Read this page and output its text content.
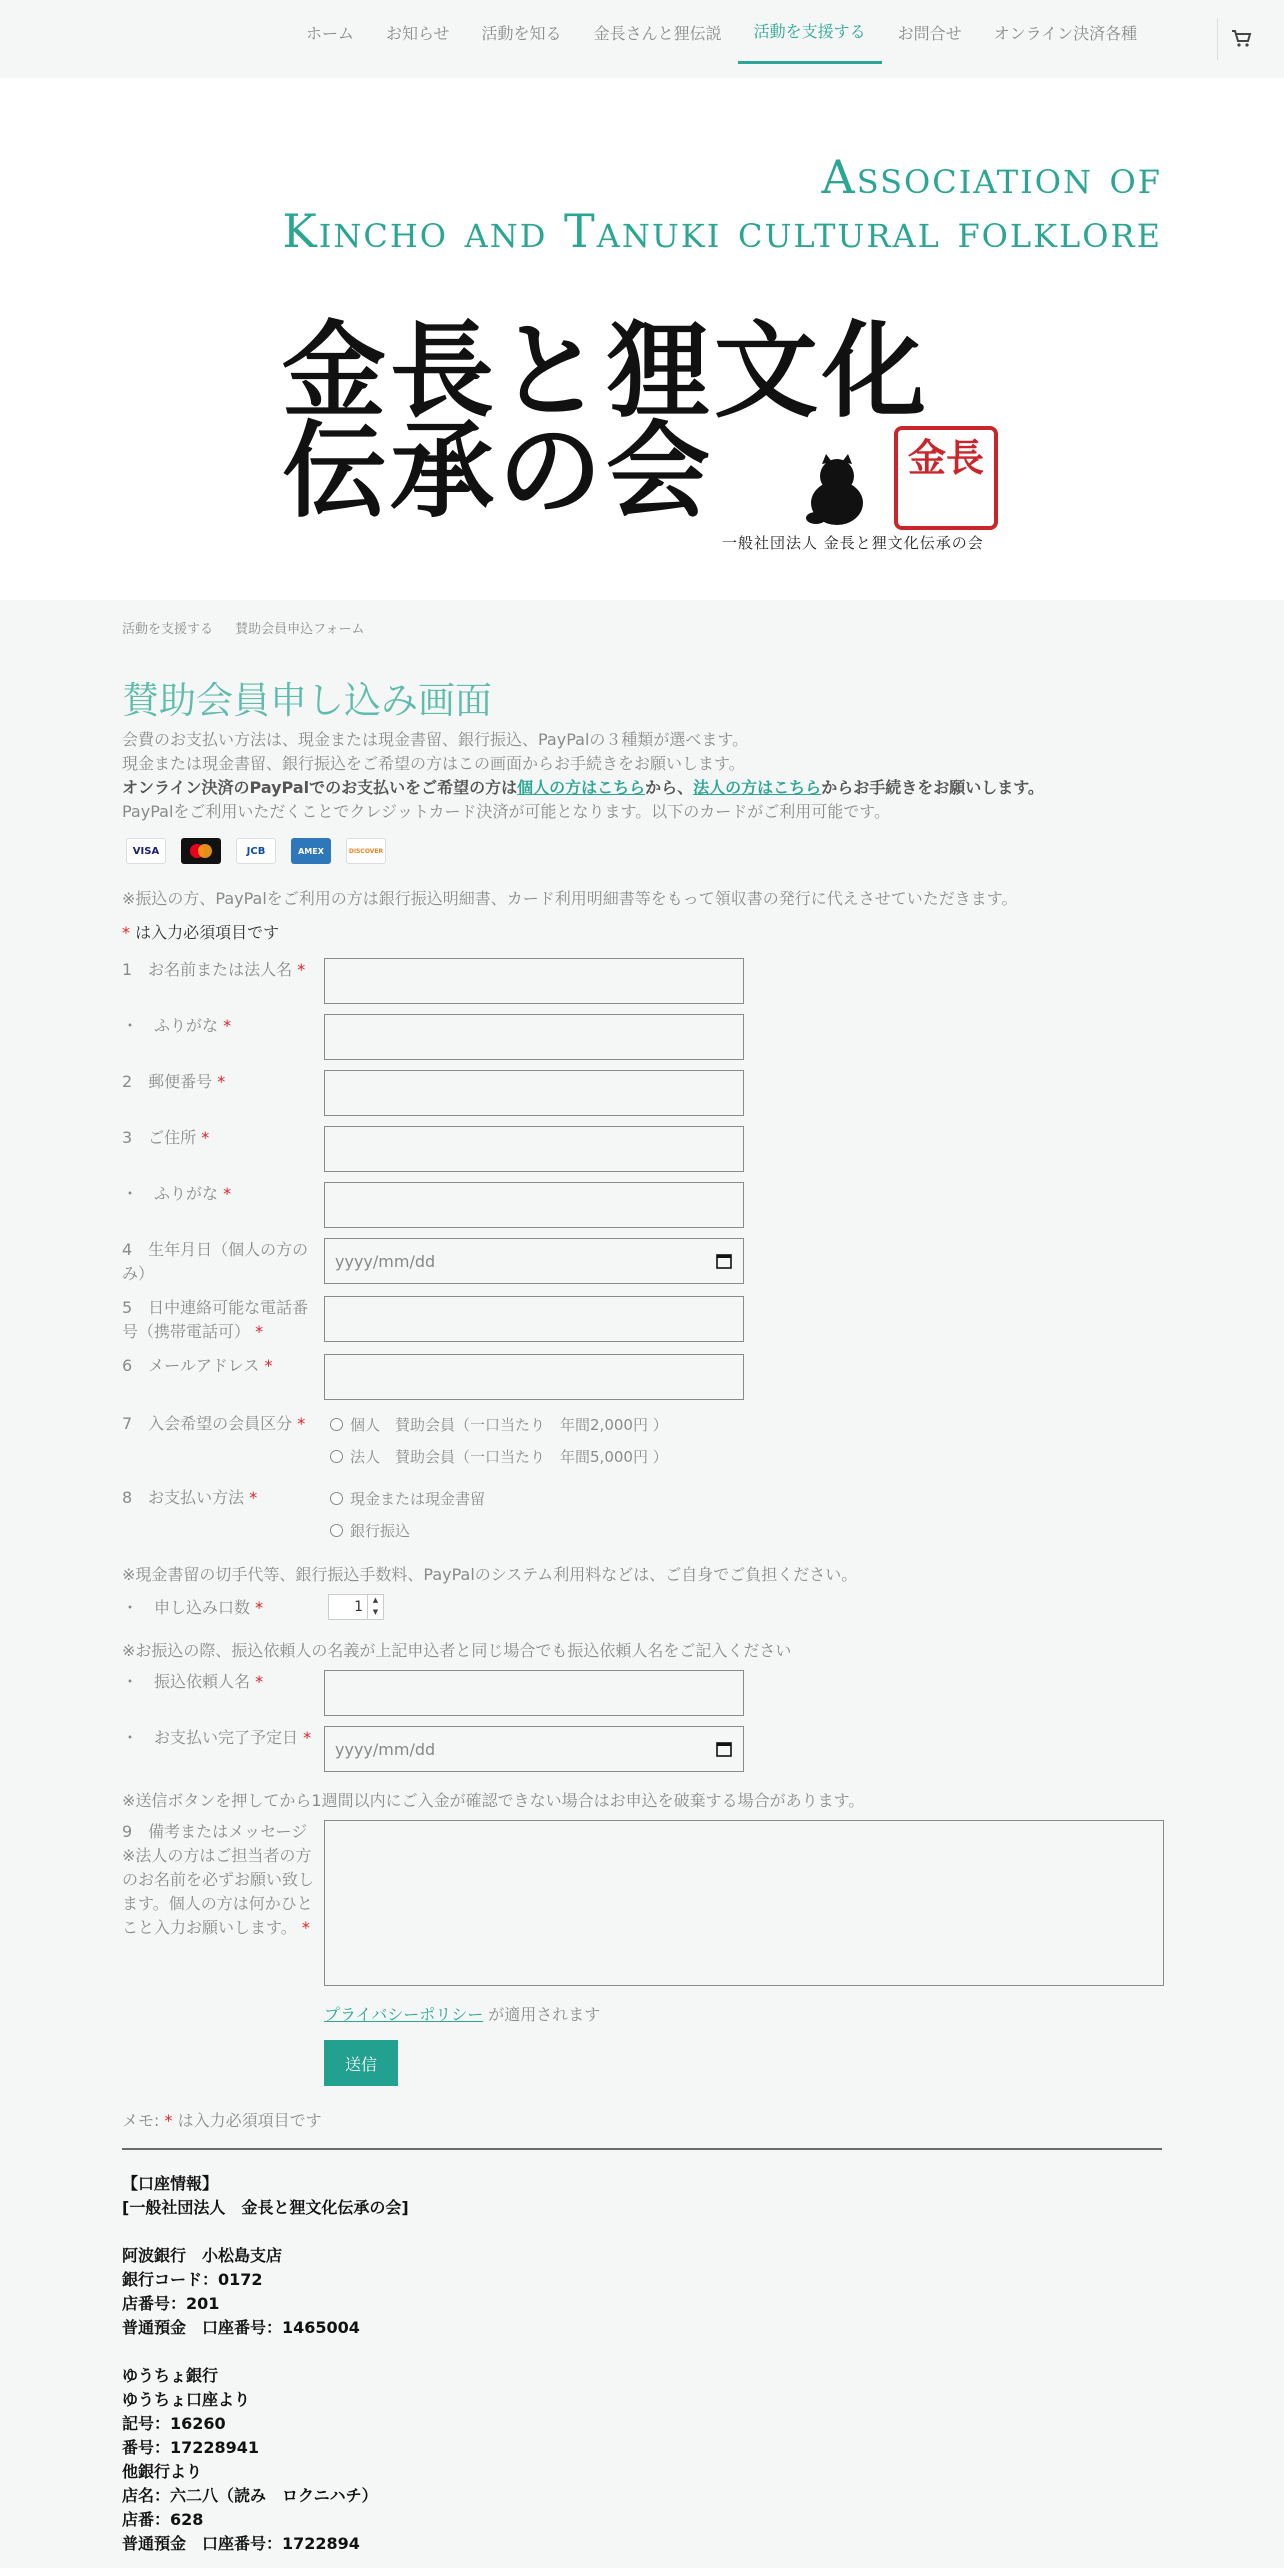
ホーム	お知らせ	活動を知る	金長さんと狸伝説	活動を支援する	お問合せ	オンライン決済各種
Association of
Kincho and Tanuki cultural folklore
金長と狸文化
伝承の会	金長
一般社団法人 金長と狸文化伝承の会
活動を支援する 賛助会員申込フォーム
賛助会員申し込み画面
会費のお支払い方法は、現金または現金書留、銀行振込、PayPalの３種類が選べます。
現金または現金書留、銀行振込をご希望の方はこの画面からお手続きをお願いします。
オンライン決済のPayPalでのお支払いをご希望の方は個人の方はこちらから、法人の方はこちらからお手続きをお願いします。
PayPalをご利用いただくことでクレジットカード決済が可能となります。以下のカードがご利用可能です。
VISA	JCB	AMEX	DISCOVER
※振込の方、PayPalをご利用の方は銀行振込明細書、カード利用明細書等をもって領収書の発行に代えさせていただきます。
* は入力必須項目です
1　お名前または法人名 *
・　ふりがな *
2　郵便番号 *
3　ご住所 *
・　ふりがな *
4　生年月日（個人の方のみ）
yyyy/mm/dd
5　日中連絡可能な電話番号（携帯電話可） *
6　メールアドレス *
7　入会希望の会員区分 *	個人　賛助会員（一口当たり　年間2,000円 ）
法人　賛助会員（一口当たり　年間5,000円 ）
8　お支払い方法 *	現金または現金書留
銀行振込
※現金書留の切手代等、銀行振込手数料、PayPalのシステム利用料などは、ご自身でご負担ください。
・　申し込み口数 *	1	▲
▼
※お振込の際、振込依頼人の名義が上記申込者と同じ場合でも振込依頼人名をご記入ください
・　振込依頼人名 *
・　お支払い完了予定日 *
yyyy/mm/dd
※送信ボタンを押してから1週間以内にご入金が確認できない場合はお申込を破棄する場合があります。
9　備考またはメッセージ※法人の方はご担当者の方のお名前を必ずお願い致します。個人の方は何かひとこと入力お願いします。 *
プライバシーポリシー が適用されます
送信
メモ: * は入力必須項目です
【口座情報】
[一般社団法人　金長と狸文化伝承の会]

阿波銀行　小松島支店
銀行コード：0172
店番号：201
普通預金　口座番号：1465004

ゆうちょ銀行
ゆうちょ口座より
記号：16260
番号：17228941
他銀行より
店名：六二八（読み　ロクニハチ）
店番：628
普通預金　口座番号：1722894
